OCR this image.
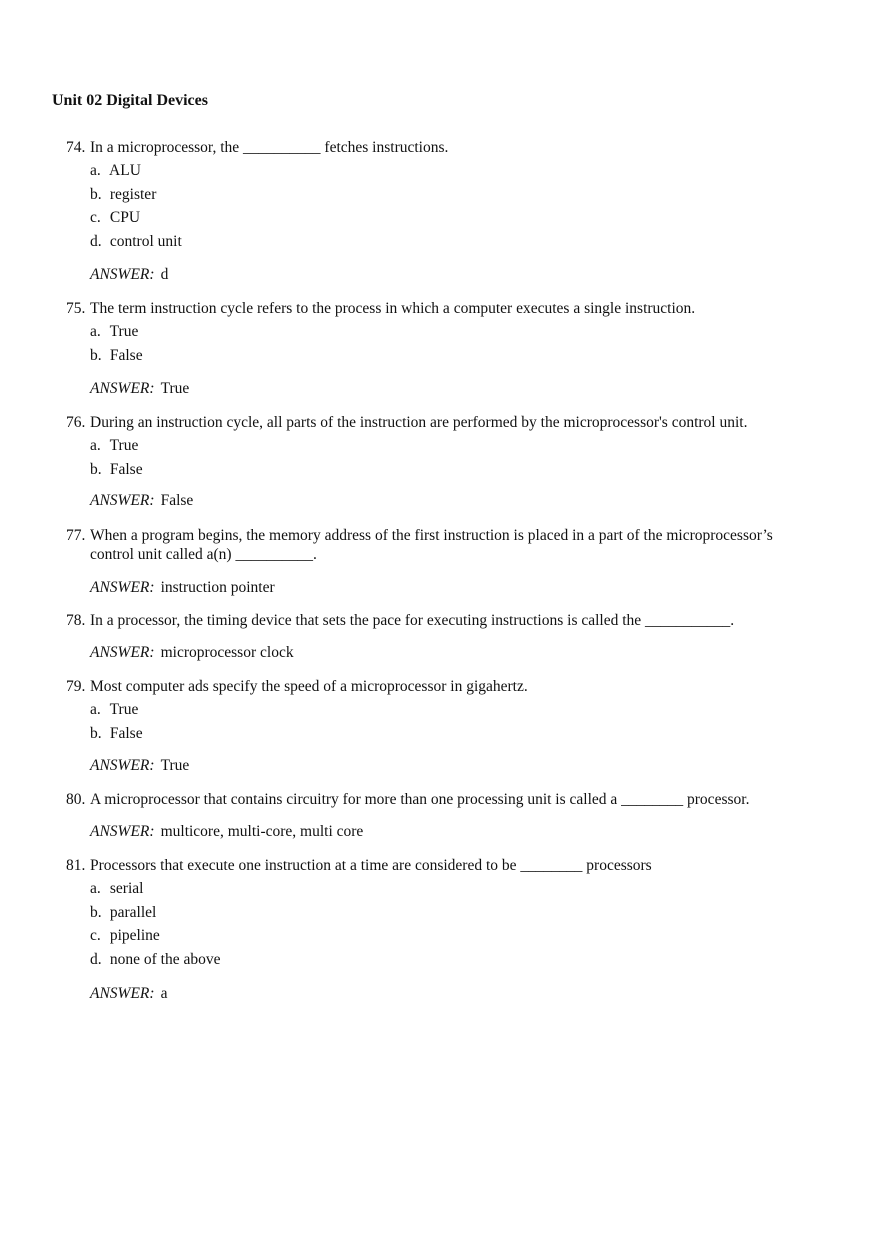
Unit 02 Digital Devices
74. In a microprocessor, the __________ fetches instructions.
a. ALU
b. register
c. CPU
d. control unit
ANSWER: d
75. The term instruction cycle refers to the process in which a computer executes a single instruction.
a. True
b. False
ANSWER: True
76. During an instruction cycle, all parts of the instruction are performed by the microprocessor's control unit.
a. True
b. False
ANSWER: False
77. When a program begins, the memory address of the first instruction is placed in a part of the microprocessor’s control unit called a(n) __________.
ANSWER: instruction pointer
78. In a processor, the timing device that sets the pace for executing instructions is called the ___________.
ANSWER: microprocessor clock
79. Most computer ads specify the speed of a microprocessor in gigahertz.
a. True
b. False
ANSWER: True
80. A microprocessor that contains circuitry for more than one processing unit is called a ________ processor.
ANSWER: multicore, multi-core, multi core
81. Processors that execute one instruction at a time are considered to be ________ processors
a. serial
b. parallel
c. pipeline
d. none of the above
ANSWER: a
